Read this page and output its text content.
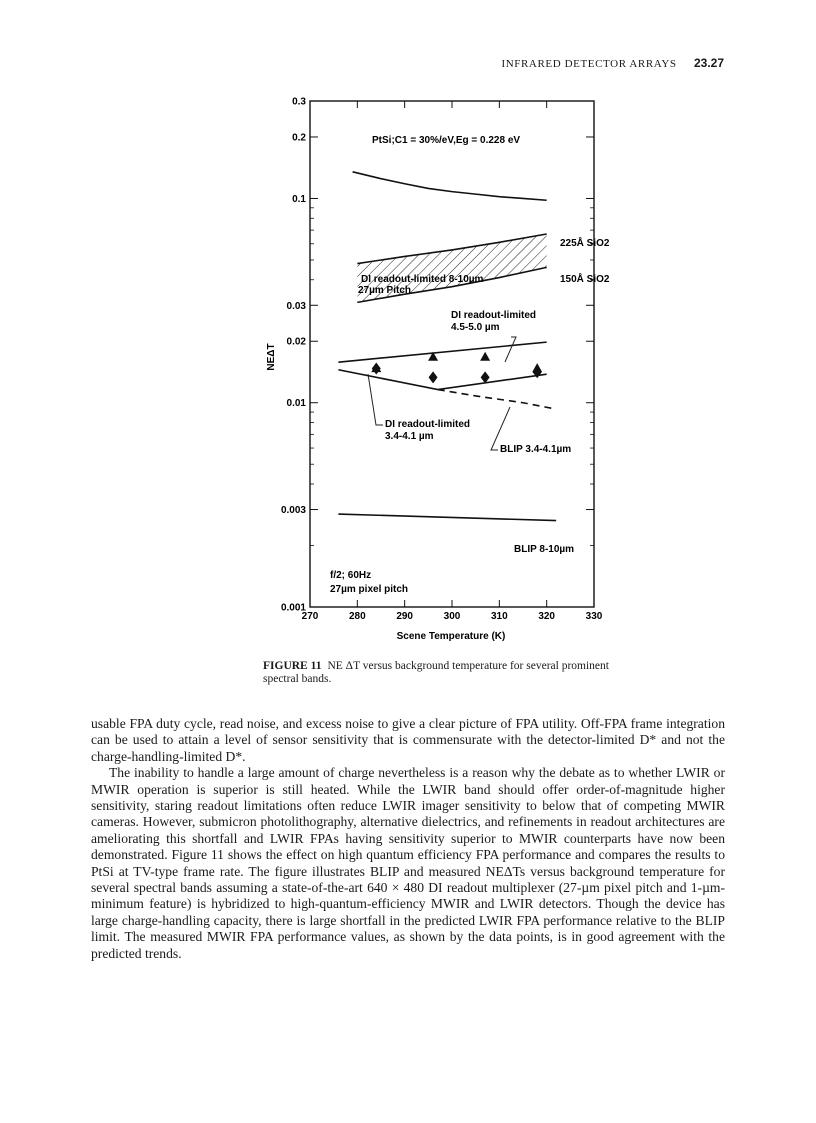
INFRARED DETECTOR ARRAYS 23.27
270	280	290	300	310	320	330
0.001
0.003
0.01
0.02
0.03
0.1
0.2
0.3
PtSi;C1 = 30%/eV,Eg = 0.228 eV
Scene Temperature (K)
NEΔT
DI readout-limited 8-10µm
27µm Pitch
225Å SiO2
150Å SiO2
DI readout-limited
4.5-5.0 µm
DI readout-limited
3.4-4.1 µm
BLIP 3.4-4.1µm
BLIP 8-10µm
f/2; 60Hz
27µm pixel pitch
FIGURE 11 NE ΔT versus background temperature for several prominent spectral bands.

usable FPA duty cycle, read noise, and excess noise to give a clear picture of FPA utility. Off-FPA frame integration can be used to attain a level of sensor sensitivity that is commensurate with the detector-limited D* and not the charge-handling-limited D*.

The inability to handle a large amount of charge nevertheless is a reason why the debate as to whether LWIR or MWIR operation is superior is still heated. While the LWIR band should offer order-of-magnitude higher sensitivity, staring readout limitations often reduce LWIR imager sensitivity to below that of competing MWIR cameras. However, submicron photolithography, alternative dielectrics, and refinements in readout architectures are ameliorating this shortfall and LWIR FPAs having sensitivity superior to MWIR counterparts have now been demonstrated. Figure 11 shows the effect on high quantum efficiency FPA performance and compares the results to PtSi at TV-type frame rate. The figure illustrates BLIP and measured NEΔTs versus background temperature for several spectral bands assuming a state-of-the-art 640 × 480 DI readout multiplexer (27-µm pixel pitch and 1-µm-minimum feature) is hybridized to high-quantum-efficiency MWIR and LWIR detectors. Though the device has large charge-handling capacity, there is large shortfall in the predicted LWIR FPA performance relative to the BLIP limit. The measured MWIR FPA performance values, as shown by the data points, is in good agreement with the predicted trends.
